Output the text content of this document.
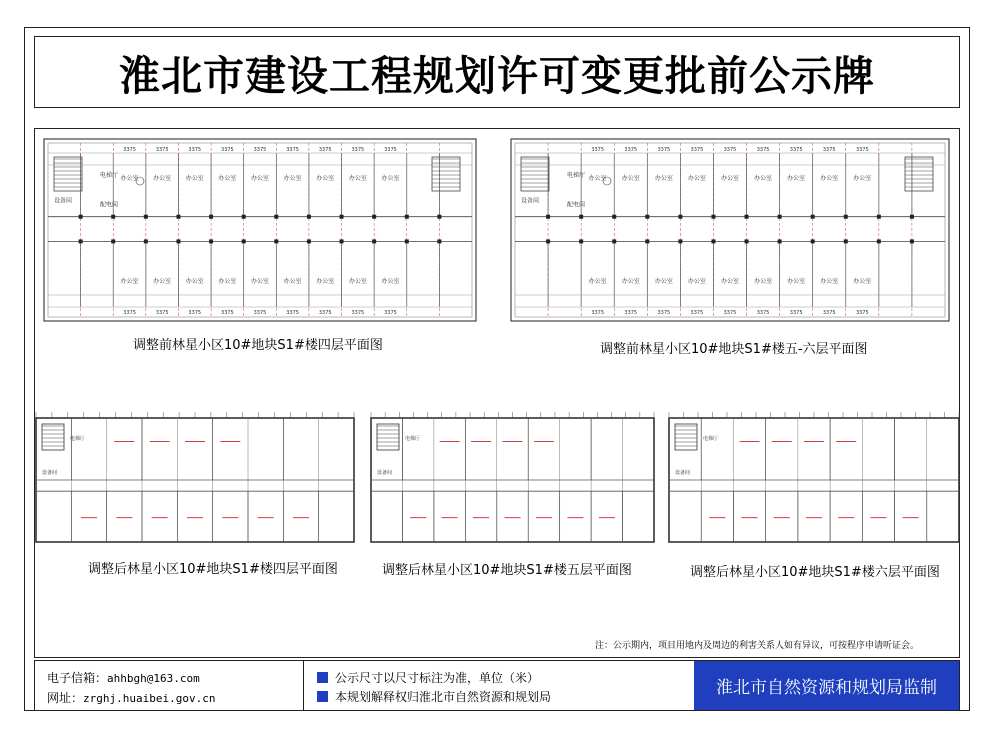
淮北市建设工程规划许可变更批前公示牌
办公室
办公室
3375
3375
办公室
办公室
3375
3375
办公室
办公室
3375
3375
办公室
办公室
3375
3375
办公室
办公室
3375
3375
办公室
办公室
3375
3375
办公室
办公室
3375
3375
办公室
办公室
3375
3375
办公室
办公室
3375
3375
电梯厅
设备间
配电间
办公室
办公室
3375
3375
办公室
办公室
3375
3375
办公室
办公室
3375
3375
办公室
办公室
3375
3375
办公室
办公室
3375
3375
办公室
办公室
3375
3375
办公室
办公室
3375
3375
办公室
办公室
3375
3375
办公室
办公室
3375
3375
电梯厅
设备间
配电间
电梯厅
设备间
电梯厅
设备间
电梯厅
设备间
调整前林星小区10#地块S1#楼四层平面图	调整前林星小区10#地块S1#楼五-六层平面图
调整后林星小区10#地块S1#楼四层平面图	调整后林星小区10#地块S1#楼五层平面图	调整后林星小区10#地块S1#楼六层平面图
注：公示期内，项目用地内及周边的利害关系人如有异议，可按程序申请听证会。
电子信箱：ahhbgh@163.com
网址：zrghj.huaibei.gov.cn
公示尺寸以尺寸标注为准，单位（米）
本规划解释权归淮北市自然资源和规划局	淮北市自然资源和规划局监制
